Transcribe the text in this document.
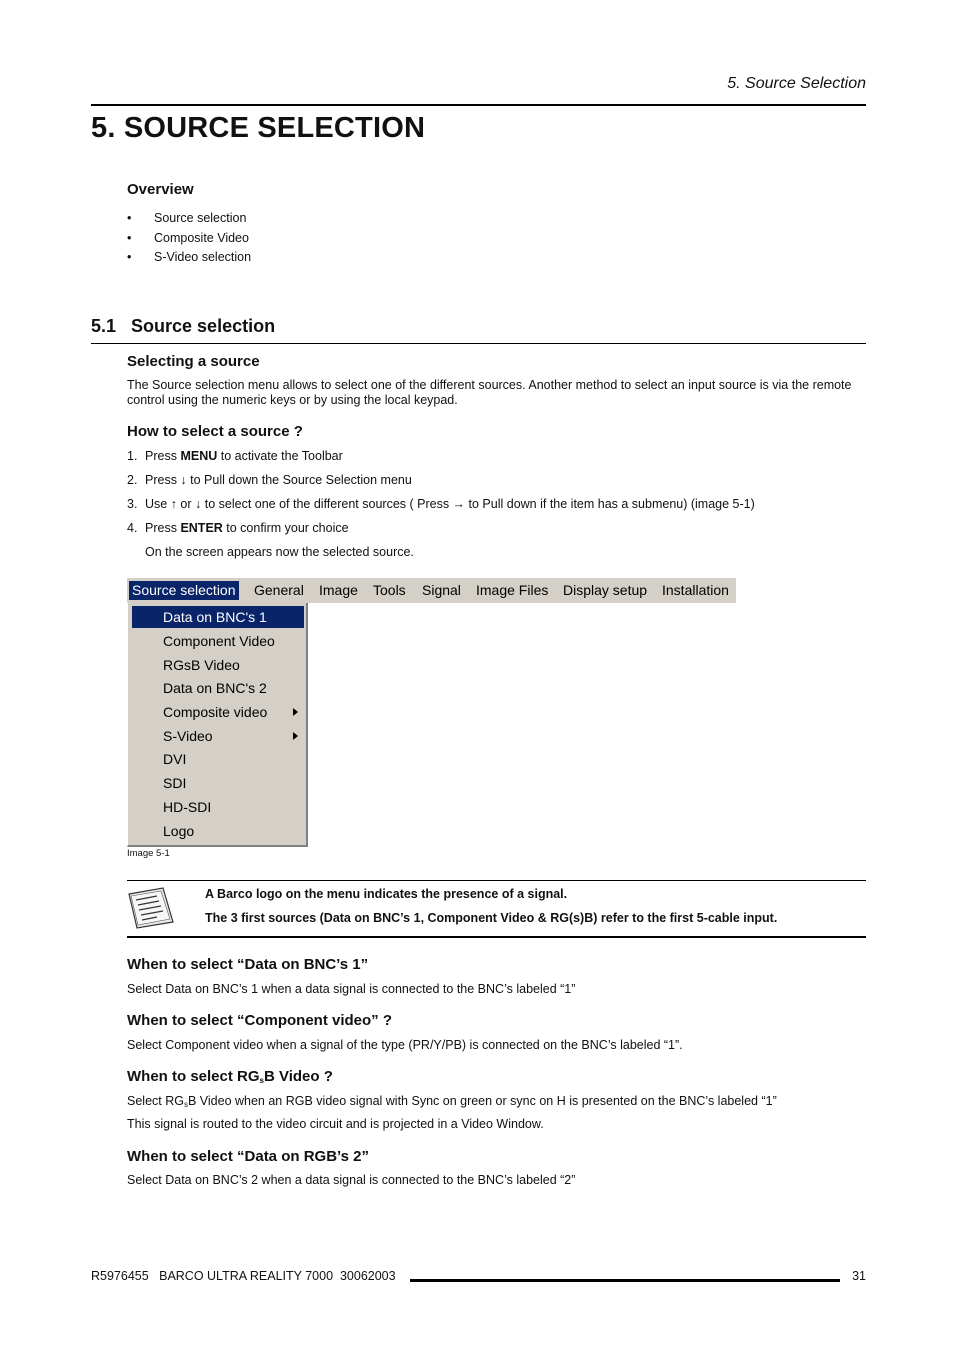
5. Source Selection
5. SOURCE SELECTION
Overview
• Source selection
• Composite Video
• S-Video selection
5.1   Source selection
Selecting a source
The Source selection menu allows to select one of the different sources. Another method to select an input source is via the remote
control using the numeric keys or by using the local keypad.
How to select a source ?
1. Press MENU to activate the Toolbar
2. Press ↓ to Pull down the Source Selection menu
3. Use ↑ or ↓ to select one of the different sources ( Press → to Pull down if the item has a submenu) (image 5-1)
4. Press ENTER to confirm your choice
On the screen appears now the selected source.
Source selection General Image Tools Signal Image Files Display setup Installation
Data on BNC's 1
Component Video
RGsB Video
Data on BNC's 2
Composite video
S-Video
DVI
SDI
HD-SDI
Logo
Image 5-1
A Barco logo on the menu indicates the presence of a signal.
The 3 first sources (Data on BNC’s 1, Component Video & RG(s)B) refer to the first 5-cable input.
When to select “Data on BNC’s 1”
Select Data on BNC’s 1 when a data signal is connected to the BNC’s labeled “1”
When to select “Component video” ?
Select Component video when a signal of the type (PR/Y/PB) is connected on the BNC’s labeled “1”.
When to select $RG_sB$ Video ?
Select $RG_sB$ Video when an RGB video signal with Sync on green or sync on H is presented on the BNC’s labeled “1”
This signal is routed to the video circuit and is projected in a Video Window.
When to select “Data on RGB’s 2”
Select Data on BNC’s 2 when a data signal is connected to the BNC’s labeled “2”
R5976455   BARCO ULTRA REALITY 7000  30062003	31
